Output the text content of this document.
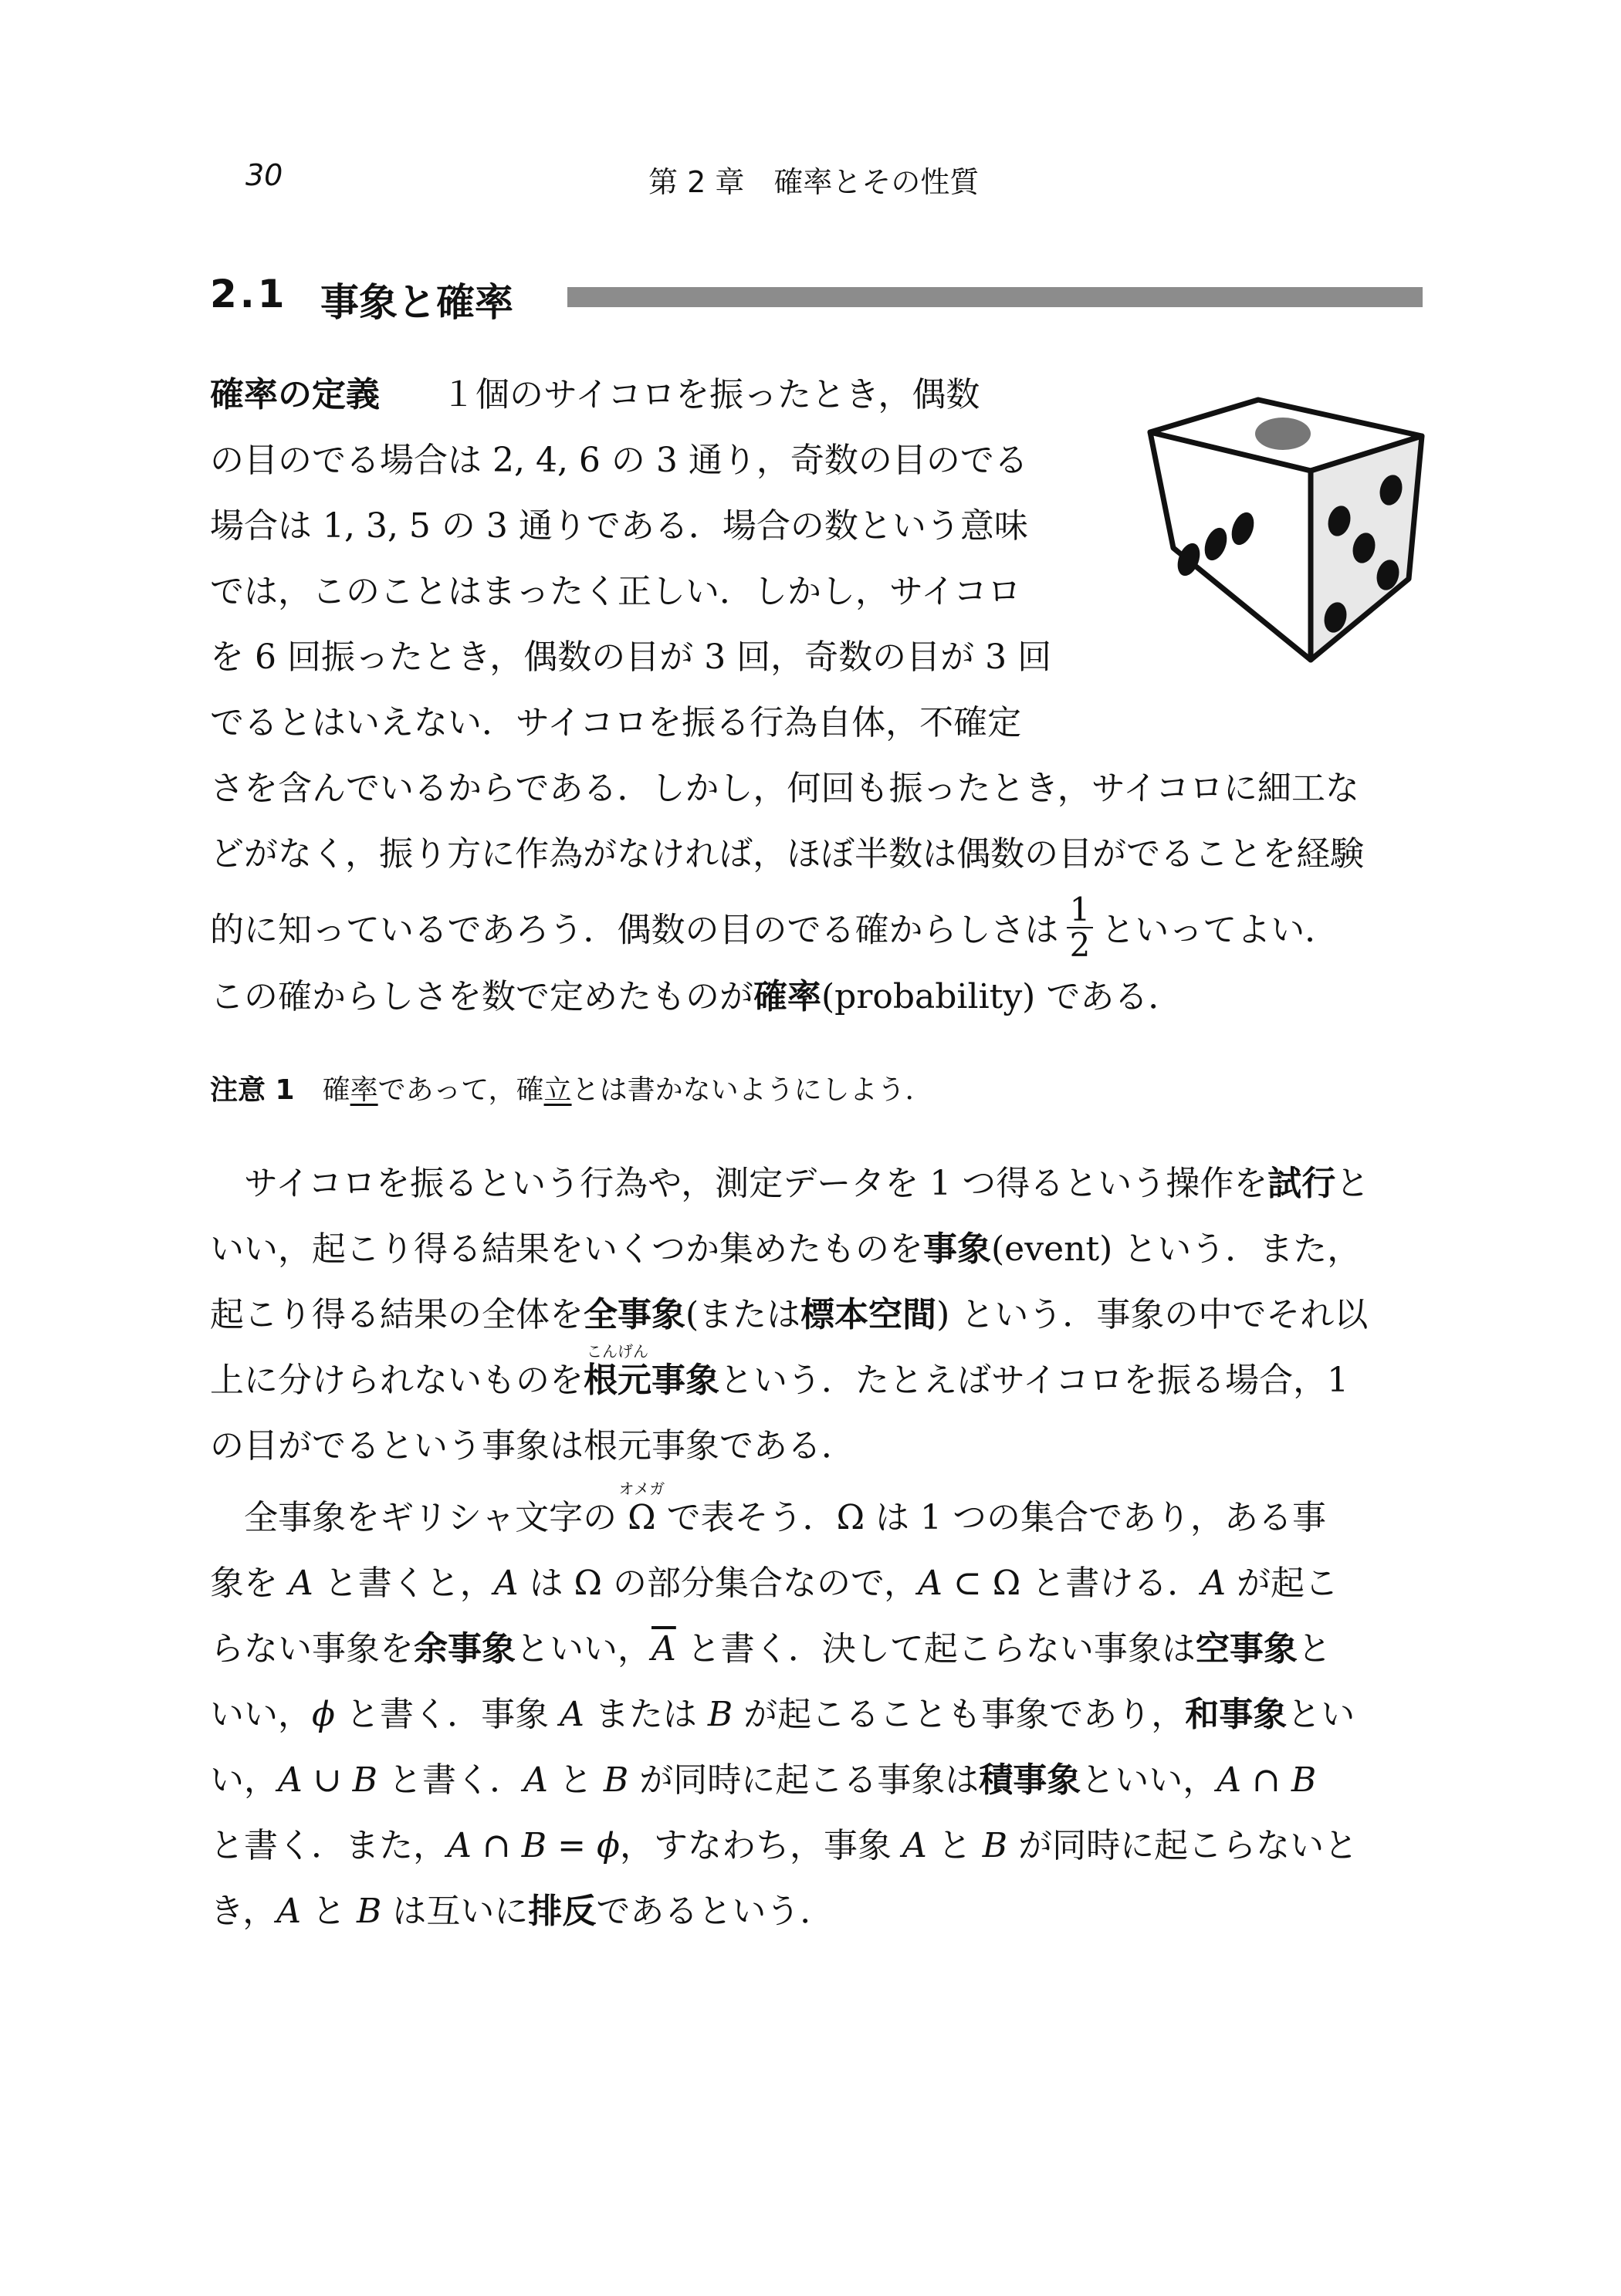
30	第 2 章　確率とその性質
2.1 事象と確率
確率の定義 １個のサイコロを振ったとき，偶数
の目のでる場合は 2, 4, 6 の 3 通り，奇数の目のでる
場合は 1, 3, 5 の 3 通りである．場合の数という意味
では，このことはまったく正しい．しかし，サイコロ
を 6 回振ったとき，偶数の目が 3 回，奇数の目が 3 回
でるとはいえない．サイコロを振る行為自体，不確定
さを含んでいるからである．しかし，何回も振ったとき，サイコロに細工な
どがなく，振り方に作為がなければ，ほぼ半数は偶数の目がでることを経験
的に知っているであろう．偶数の目のでる確からしさは $\frac{1}{2}$ といってよい．
この確からしさを数で定めたものが確率(probability) である．
注意 1 確率であって，確立とは書かないようにしよう．
サイコロを振るという行為や，測定データを 1 つ得るという操作を試行と
いい，起こり得る結果をいくつか集めたものを事象(event) という．また，
起こり得る結果の全体を全事象(または標本空間) という．事象の中でそれ以
上に分けられないものを
こんげん
根元事象という．たとえばサイコロを振る場合，1
の目がでるという事象は根元事象である．
全事象をギリシャ文字の
オメガ
Ω で表そう．Ω は 1 つの集合であり，ある事
象を A と書くと，A は Ω の部分集合なので，A ⊂ Ω と書ける．A が起こ
らない事象を余事象といい，$\overline{A}$ と書く．決して起こらない事象は空事象と
いい，ϕ と書く．事象 A または B が起こることも事象であり，和事象とい
い，A ∪ B と書く．A と B が同時に起こる事象は積事象といい，A ∩ B
と書く．また，A ∩ B = ϕ，すなわち，事象 A と B が同時に起こらないと
き，A と B は互いに排反であるという．
